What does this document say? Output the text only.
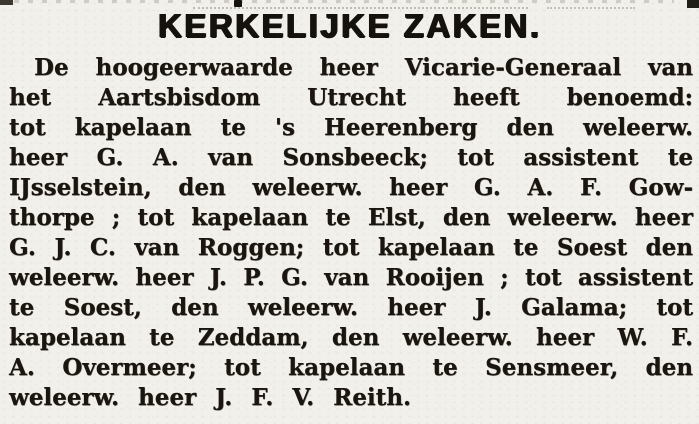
KERKELIJKE ZAKEN.
De hoogeerwaarde heer Vicarie-Generaal van
het Aartsbisdom Utrecht heeft benoemd:
tot kapelaan te 's Heerenberg den weleerw.
heer G. A. van Sonsbeeck; tot assistent te
IJsselstein, den weleerw. heer G. A. F. Gow-
thorpe ; tot kapelaan te Elst, den weleerw. heer
G. J. C. van Roggen; tot kapelaan te Soest den
weleerw. heer J. P. G. van Rooijen ; tot assistent
te Soest, den weleerw. heer J. Galama; tot
kapelaan te Zeddam, den weleerw. heer W. F.
A. Overmeer; tot kapelaan te Sensmeer, den
weleerw. heer J. F. V. Reith.
